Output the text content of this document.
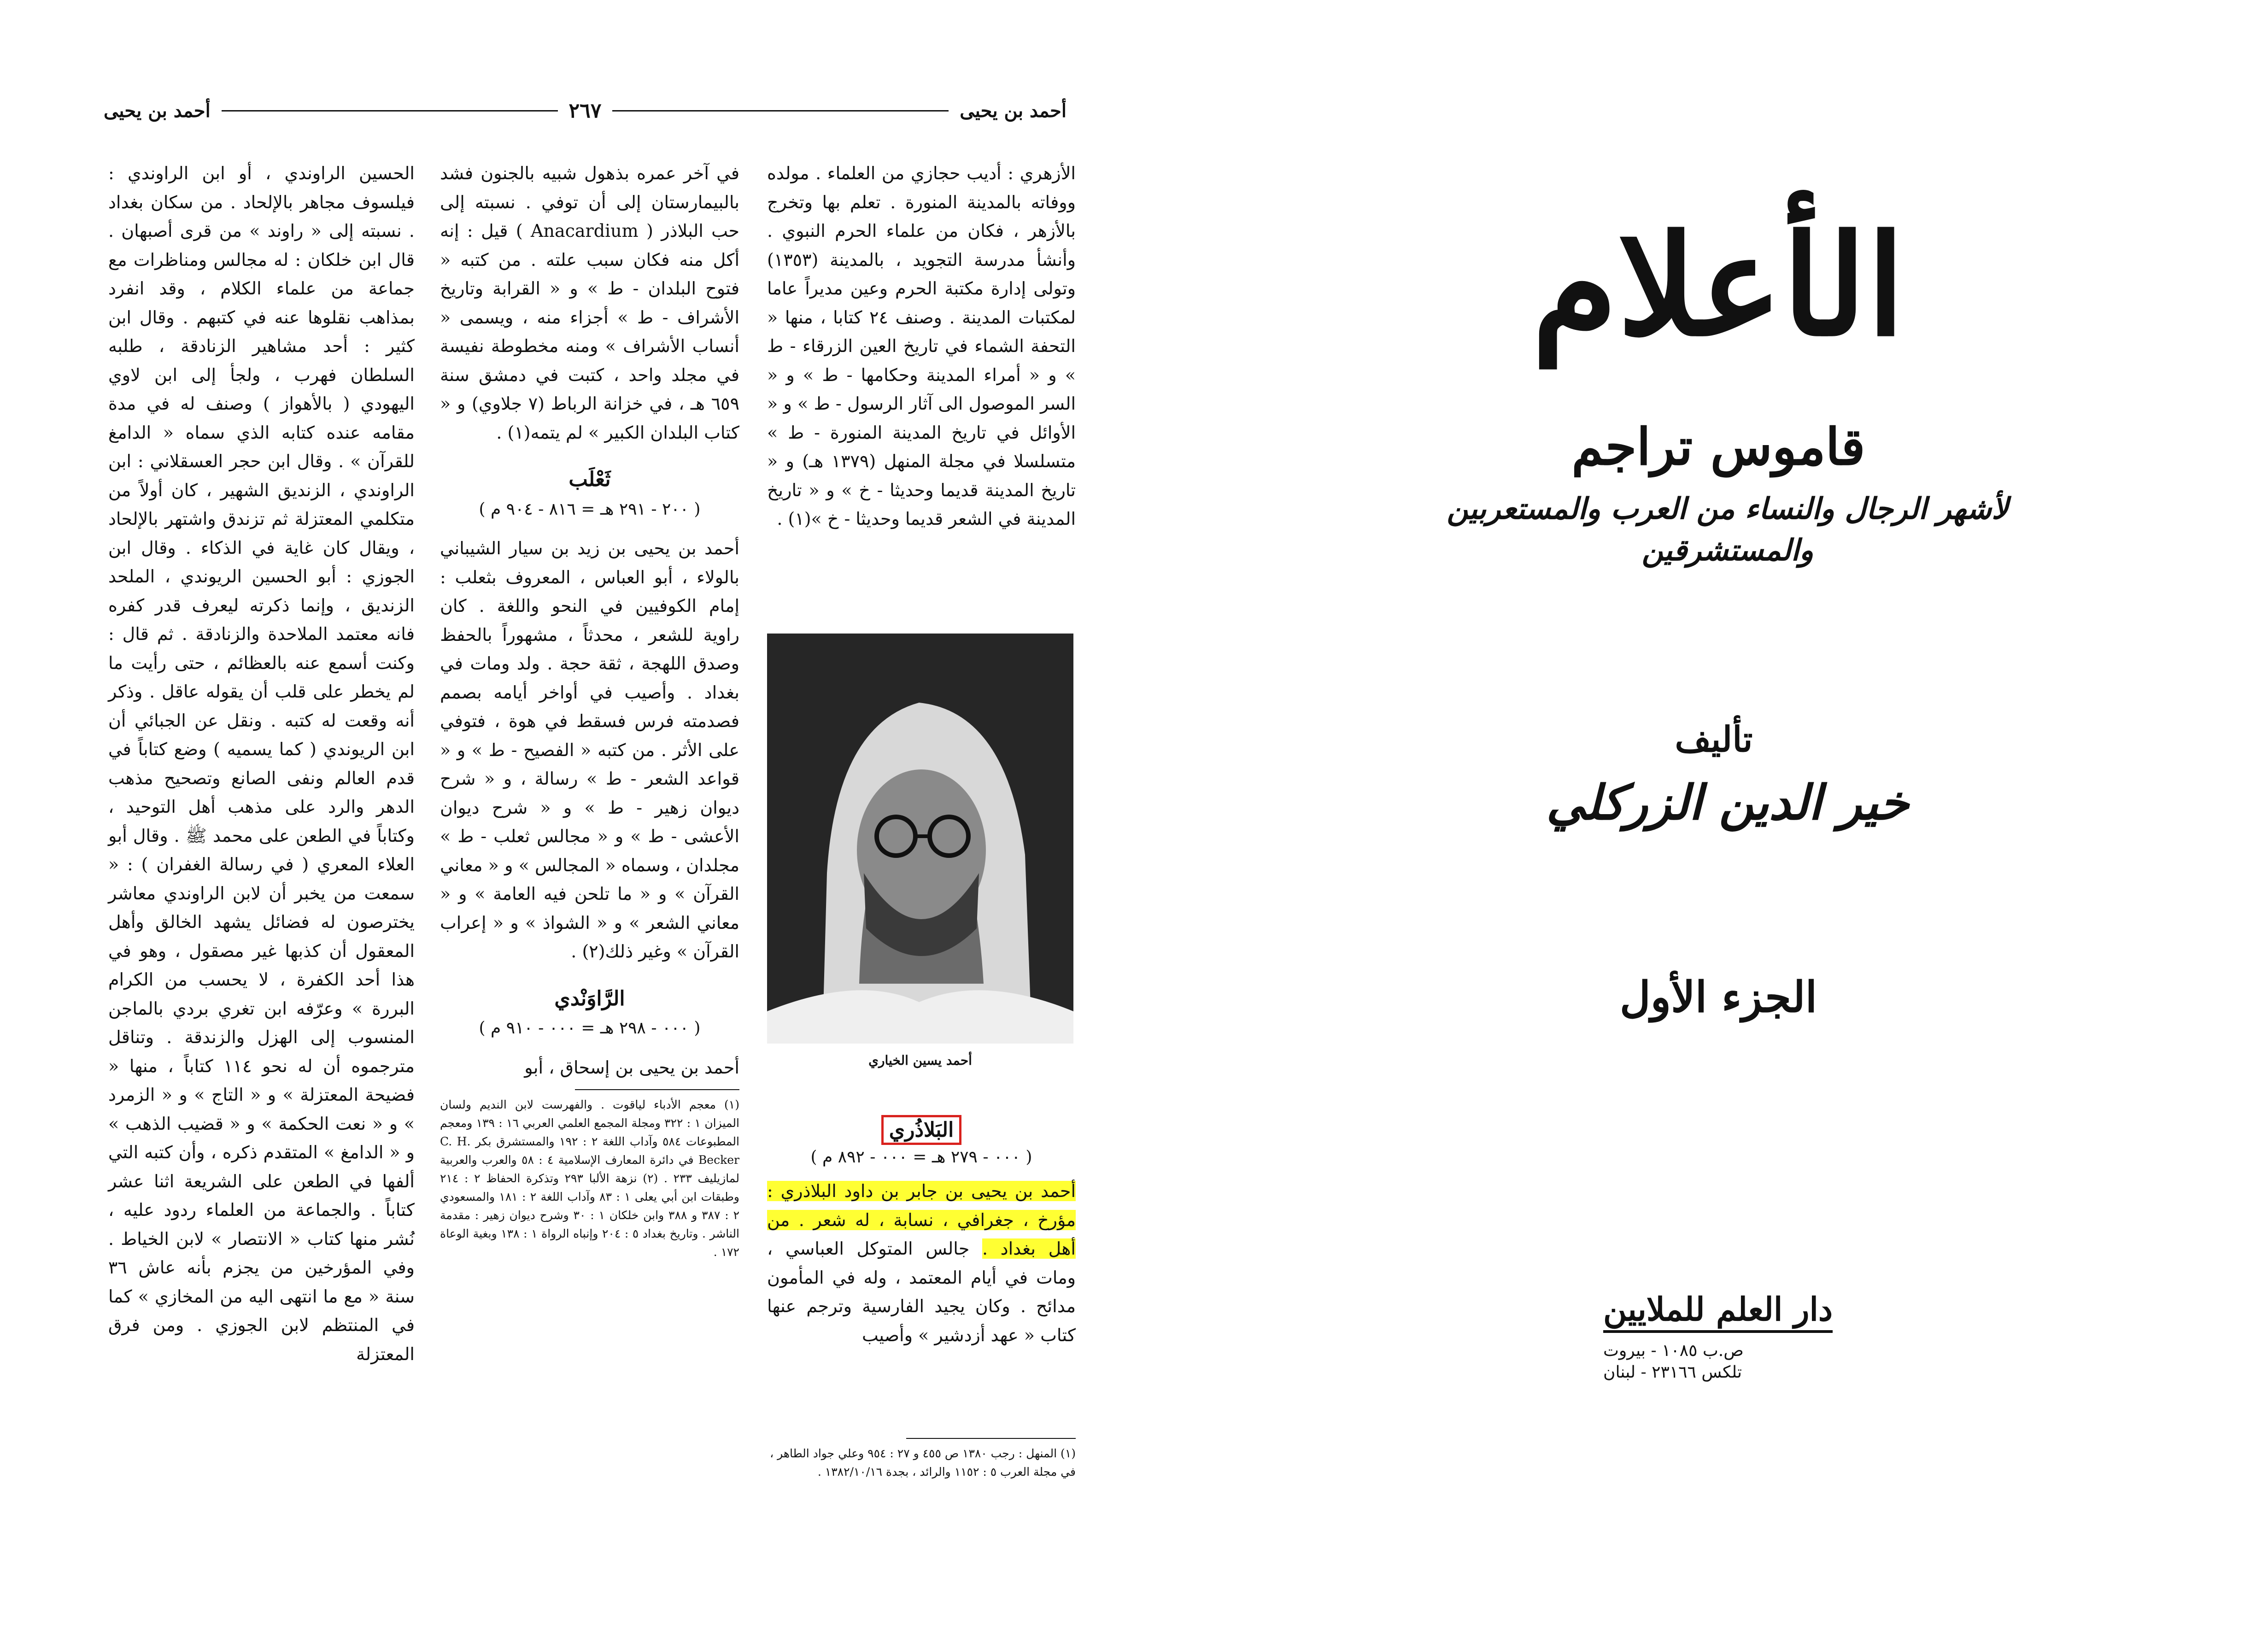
أحمد بن يحيى
٢٦٧
أحمد بن يحيى

الأزهري : أديب حجازي من العلماء . مولده ووفاته بالمدينة المنورة . تعلم بها وتخرج بالأزهر ، فكان من علماء الحرم النبوي . وأنشأ مدرسة التجويد ، بالمدينة (١٣٥٣) وتولى إدارة مكتبة الحرم وعين مديراً عاما لمكتبات المدينة . وصنف ٢٤ كتابا ، منها « التحفة الشماء في تاريخ العين الزرقاء - ط » و « أمراء المدينة وحكامها - ط » و « السر الموصول الى آثار الرسول - ط » و « الأوائل في تاريخ المدينة المنورة - ط » متسلسلا في مجلة المنهل (١٣٧٩ هـ) و « تاريخ المدينة قديما وحديثا - خ » و « تاريخ المدينة في الشعر قديما وحديثا - خ »(١) .

أحمد يسين الخياري
البَلاذُري
( ٠٠٠ - ٢٧٩ هـ = ٠٠٠ - ٨٩٢ م )
أحمد بن يحيى بن جابر بن داود البلاذري : مؤرخ ، جغرافي ، نسابة ، له شعر . من أهل بغداد . جالس المتوكل العباسي ، ومات في أيام المعتمد ، وله في المأمون مدائح . وكان يجيد الفارسية وترجم عنها كتاب « عهد أزدشير » وأصيب
(١) المنهل : رجب ١٣٨٠ ص ٤٥٥ و ٢٧ : ٩٥٤ وعلي جواد الطاهر ، في مجلة العرب ٥ : ١١٥٢ والرائد ، بجدة ١٣٨٢/١٠/١٦ .

في آخر عمره بذهول شبيه بالجنون فشد بالبيمارستان إلى أن توفي . نسبته إلى حب البلاذر ( Anacardium ) قيل : إنه أكل منه فكان سبب علته . من كتبه « فتوح البلدان - ط » و « القرابة وتاريخ الأشراف - ط » أجزاء منه ، ويسمى « أنساب الأشراف » ومنه مخطوطة نفيسة في مجلد واحد ، كتبت في دمشق سنة ٦٥٩ هـ ، في خزانة الرباط (٧ جلاوي) و « كتاب البلدان الكبير » لم يتمه(١) .

ثَعْلَب
( ٢٠٠ - ٢٩١ هـ = ٨١٦ - ٩٠٤ م )

أحمد بن يحيى بن زيد بن سيار الشيباني بالولاء ، أبو العباس ، المعروف بثعلب : إمام الكوفيين في النحو واللغة . كان راوية للشعر ، محدثاً ، مشهوراً بالحفظ وصدق اللهجة ، ثقة حجة . ولد ومات في بغداد . وأصيب في أواخر أيامه بصمم فصدمته فرس فسقط في هوة ، فتوفي على الأثر . من كتبه « الفصيح - ط » و « قواعد الشعر - ط » رسالة ، و « شرح ديوان زهير - ط » و « شرح ديوان الأعشى - ط » و « مجالس ثعلب - ط » مجلدان ، وسماه « المجالس » و « معاني القرآن » و « ما تلحن فيه العامة » و « معاني الشعر » و « الشواذ » و « إعراب القرآن » وغير ذلك(٢) .

الرَّاوَنْدي
( ٠٠٠ - ٢٩٨ هـ = ٠٠٠ - ٩١٠ م )

أحمد بن يحيى بن إسحاق ، أبو

(١) معجم الأدباء لياقوت . والفهرست لابن النديم ولسان الميزان ١ : ٣٢٢ ومجلة المجمع العلمي العربي ١٦ : ١٣٩ ومعجم المطبوعات ٥٨٤ وآداب اللغة ٢ : ١٩٢ والمستشرق بكر C. H. Becker في دائرة المعارف الإسلامية ٤ : ٥٨ والعرب والعربية لمازيليف ٢٣٣ . (٢) نزهة الألبا ٢٩٣ وتذكرة الحفاظ ٢ : ٢١٤ وطبقات ابن أبي يعلى ١ : ٨٣ وآداب اللغة ٢ : ١٨١ والمسعودي ٢ : ٣٨٧ و ٣٨٨ وابن خلكان ١ : ٣٠ وشرح ديوان زهير : مقدمة الناشر . وتاريخ بغداد ٥ : ٢٠٤ وإنباه الرواة ١ : ١٣٨ وبغية الوعاة ١٧٢ .

الحسين الراوندي ، أو ابن الراوندي : فيلسوف مجاهر بالإلحاد . من سكان بغداد . نسبته إلى « راوند » من قرى أصبهان . قال ابن خلكان : له مجالس ومناظرات مع جماعة من علماء الكلام ، وقد انفرد بمذاهب نقلوها عنه في كتبهم . وقال ابن كثير : أحد مشاهير الزنادقة ، طلبه السلطان فهرب ، ولجأ إلى ابن لاوي اليهودي ( بالأهواز ) وصنف له في مدة مقامه عنده كتابه الذي سماه « الدامغ للقرآن » . وقال ابن حجر العسقلاني : ابن الراوندي ، الزنديق الشهير ، كان أولاً من متكلمي المعتزلة ثم تزندق واشتهر بالإلحاد ، ويقال كان غاية في الذكاء . وقال ابن الجوزي : أبو الحسين الريوندي ، الملحد الزنديق ، وإنما ذكرته ليعرف قدر كفره فانه معتمد الملاحدة والزنادقة . ثم قال : وكنت أسمع عنه بالعظائم ، حتى رأيت ما لم يخطر على قلب أن يقوله عاقل . وذكر أنه وقعت له كتبه . ونقل عن الجبائي أن ابن الريوندي ( كما يسميه ) وضع كتاباً في قدم العالم ونفى الصانع وتصحيح مذهب الدهر والرد على مذهب أهل التوحيد ، وكتاباً في الطعن على محمد ﷺ . وقال أبو العلاء المعري ( في رسالة الغفران ) : « سمعت من يخبر أن لابن الراوندي معاشر يخترصون له فضائل يشهد الخالق وأهل المعقول أن كذبها غير مصقول ، وهو في هذا أحد الكفرة ، لا يحسب من الكرام البررة » وعرّفه ابن تغري بردي بالماجن المنسوب إلى الهزل والزندقة . وتناقل مترجموه أن له نحو ١١٤ كتاباً ، منها « فضيحة المعتزلة » و « التاج » و « الزمرد » و « نعت الحكمة » و « قضيب الذهب » و « الدامغ » المتقدم ذكره ، وأن كتبه التي ألفها في الطعن على الشريعة اثنا عشر كتاباً . والجماعة من العلماء ردود عليه ، نُشر منها كتاب « الانتصار » لابن الخياط . وفي المؤرخين من يجزم بأنه عاش ٣٦ سنة « مع ما انتهى اليه من المخازي » كما في المنتظم لابن الجوزي . ومن فرق المعتزلة

الأعلام
قاموس تراجم
لأشهر الرجال والنساء من العرب والمستعربين والمستشرقين
تأليف
خير الدين الزركلي
الجزء الأول
دار العلم للملايين
ص.ب ١٠٨٥ - بيروت
تلكس ٢٣١٦٦ - لبنان
